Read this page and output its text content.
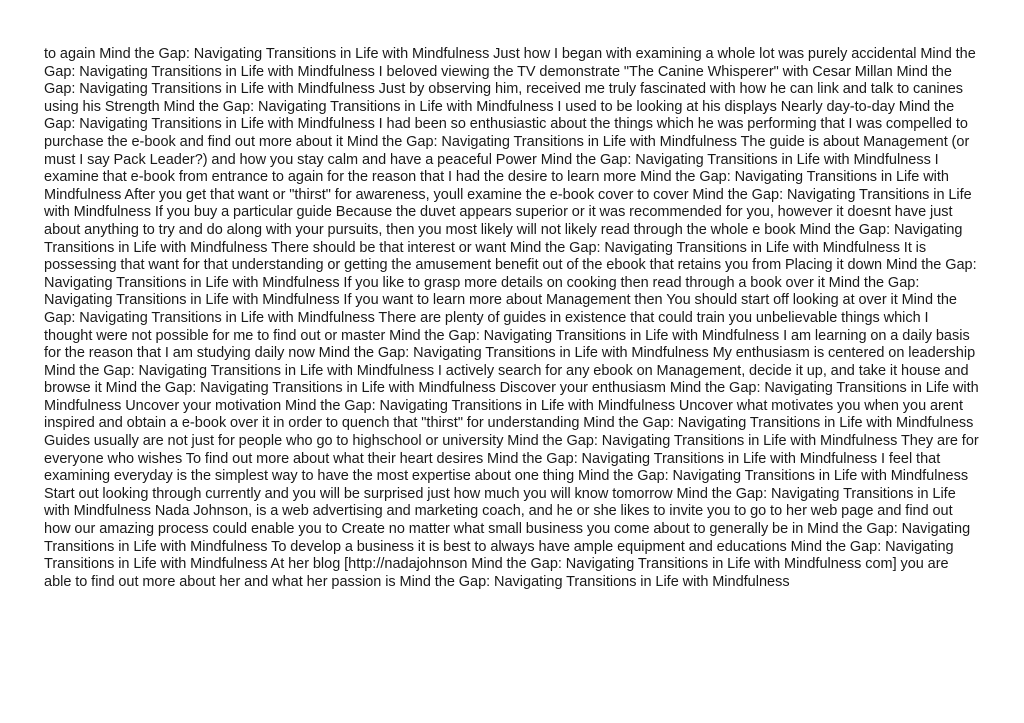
to again Mind the Gap: Navigating Transitions in Life with Mindfulness Just how I began with examining a whole lot was purely accidental Mind the Gap: Navigating Transitions in Life with Mindfulness I beloved viewing the TV demonstrate "The Canine Whisperer" with Cesar Millan Mind the Gap: Navigating Transitions in Life with Mindfulness Just by observing him, received me truly fascinated with how he can link and talk to canines using his Strength Mind the Gap: Navigating Transitions in Life with Mindfulness I used to be looking at his displays Nearly day-to-day Mind the Gap: Navigating Transitions in Life with Mindfulness I had been so enthusiastic about the things which he was performing that I was compelled to purchase the e-book and find out more about it Mind the Gap: Navigating Transitions in Life with Mindfulness The guide is about Management (or must I say Pack Leader?) and how you stay calm and have a peaceful Power Mind the Gap: Navigating Transitions in Life with Mindfulness I examine that e-book from entrance to again for the reason that I had the desire to learn more Mind the Gap: Navigating Transitions in Life with Mindfulness After you get that want or "thirst" for awareness, youll examine the e-book cover to cover Mind the Gap: Navigating Transitions in Life with Mindfulness If you buy a particular guide Because the duvet appears superior or it was recommended for you, however it doesnt have just about anything to try and do along with your pursuits, then you most likely will not likely read through the whole e book Mind the Gap: Navigating Transitions in Life with Mindfulness There should be that interest or want Mind the Gap: Navigating Transitions in Life with Mindfulness It is possessing that want for that understanding or getting the amusement benefit out of the ebook that retains you from Placing it down Mind the Gap: Navigating Transitions in Life with Mindfulness If you like to grasp more details on cooking then read through a book over it Mind the Gap: Navigating Transitions in Life with Mindfulness If you want to learn more about Management then You should start off looking at over it Mind the Gap: Navigating Transitions in Life with Mindfulness There are plenty of guides in existence that could train you unbelievable things which I thought were not possible for me to find out or master Mind the Gap: Navigating Transitions in Life with Mindfulness I am learning on a daily basis for the reason that I am studying daily now Mind the Gap: Navigating Transitions in Life with Mindfulness My enthusiasm is centered on leadership Mind the Gap: Navigating Transitions in Life with Mindfulness I actively search for any ebook on Management, decide it up, and take it house and browse it Mind the Gap: Navigating Transitions in Life with Mindfulness Discover your enthusiasm Mind the Gap: Navigating Transitions in Life with Mindfulness Uncover your motivation Mind the Gap: Navigating Transitions in Life with Mindfulness Uncover what motivates you when you arent inspired and obtain a e-book over it in order to quench that "thirst" for understanding Mind the Gap: Navigating Transitions in Life with Mindfulness Guides usually are not just for people who go to highschool or university Mind the Gap: Navigating Transitions in Life with Mindfulness They are for everyone who wishes To find out more about what their heart desires Mind the Gap: Navigating Transitions in Life with Mindfulness I feel that examining everyday is the simplest way to have the most expertise about one thing Mind the Gap: Navigating Transitions in Life with Mindfulness Start out looking through currently and you will be surprised just how much you will know tomorrow Mind the Gap: Navigating Transitions in Life with Mindfulness Nada Johnson, is a web advertising and marketing coach, and he or she likes to invite you to go to her web page and find out how our amazing process could enable you to Create no matter what small business you come about to generally be in Mind the Gap: Navigating Transitions in Life with Mindfulness To develop a business it is best to always have ample equipment and educations Mind the Gap: Navigating Transitions in Life with Mindfulness At her blog [http://nadajohnson Mind the Gap: Navigating Transitions in Life with Mindfulness com] you are able to find out more about her and what her passion is Mind the Gap: Navigating Transitions in Life with Mindfulness
